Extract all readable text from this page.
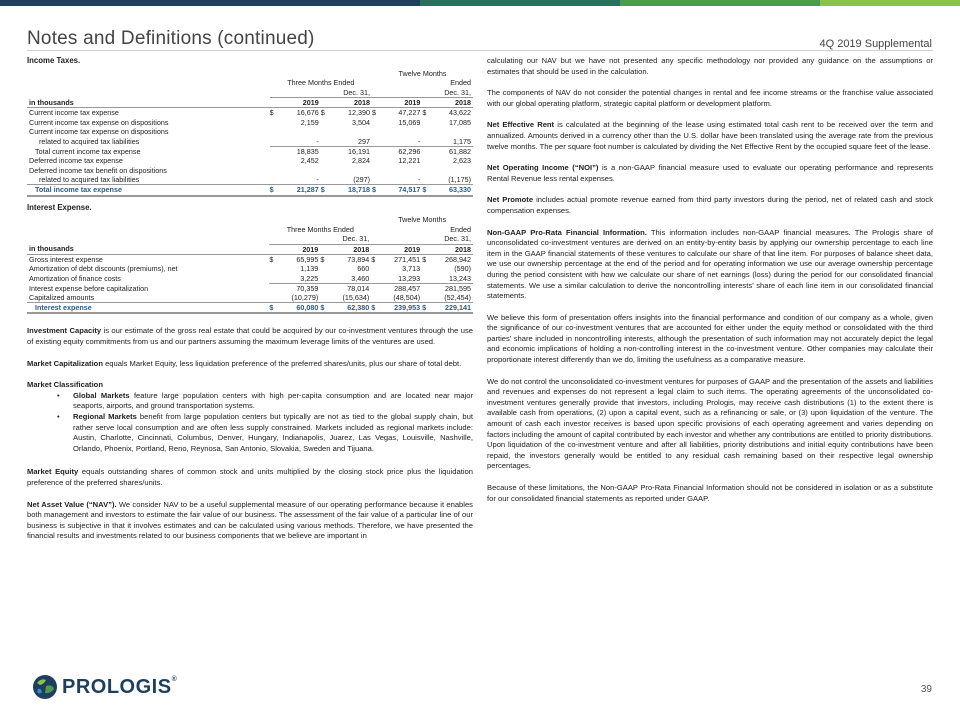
Notes and Definitions (continued)	4Q 2019 Supplemental
Income Taxes.
					Twelve Months			
	Three Months Ended				Ended			
	Dec. 31,				Dec. 31,			
in thousands		2019		2018		2019		2018
Current income tax expense	$	16,676	$	12,390	$	47,227	$	43,622
Current income tax expense on dispositions		2,159		3,504		15,069		17,085
Current income tax expense on dispositions								
related to acquired tax liabilities		-		297		-		1,175
Total current income tax expense		18,835		16,191		62,296		61,882
Deferred income tax expense		2,452		2,824		12,221		2,623
Deferred income tax benefit on dispositions								
related to acquired tax liabilities		-		(297)		-		(1,175)
Total income tax expense	$	21,287	$	18,718	$	74,517	$	63,330
Interest Expense.
					Twelve Months			
	Three Months Ended				Ended			
	Dec. 31,				Dec. 31,			
in thousands		2019		2018		2019		2018
Gross interest expense	$	65,995	$	73,894	$	271,451	$	268,942
Amortization of debt discounts (premiums), net		1,139		660		3,713		(590)
Amortization of finance costs		3,225		3,460		13,293		13,243
Interest expense before capitalization		70,359		78,014		288,457		281,595
Capitalized amounts		(10,279)		(15,634)		(48,504)		(52,454)
Interest expense	$	60,080	$	62,380	$	239,953	$	229,141

Investment Capacity is our estimate of the gross real estate that could be acquired by our co-investment ventures through the use of existing equity commitments from us and our partners assuming the maximum leverage limits of the ventures are used.

Market Capitalization equals Market Equity, less liquidation preference of the preferred shares/units, plus our share of total debt.

Market Classification

• Global Markets feature large population centers with high per-capita consumption and are located near major seaports, airports, and ground transportation systems.
• Regional Markets benefit from large population centers but typically are not as tied to the global supply chain, but rather serve local consumption and are often less supply constrained. Markets included as regional markets include: Austin, Charlotte, Cincinnati, Columbus, Denver, Hungary, Indianapolis, Juarez, Las Vegas, Louisville, Nashville, Orlando, Phoenix, Portland, Reno, Reynosa, San Antonio, Slovakia, Sweden and Tijuana.

Market Equity equals outstanding shares of common stock and units multiplied by the closing stock price plus the liquidation preference of the preferred shares/units.

Net Asset Value (“NAV”). We consider NAV to be a useful supplemental measure of our operating performance because it enables both management and investors to estimate the fair value of our business. The assessment of the fair value of a particular line of our business is subjective in that it involves estimates and can be calculated using various methods. Therefore, we have presented the financial results and investments related to our business components that we believe are important in

calculating our NAV but we have not presented any specific methodology nor provided any guidance on the assumptions or estimates that should be used in the calculation.

The components of NAV do not consider the potential changes in rental and fee income streams or the franchise value associated with our global operating platform, strategic capital platform or development platform.

Net Effective Rent is calculated at the beginning of the lease using estimated total cash rent to be received over the term and annualized. Amounts derived in a currency other than the U.S. dollar have been translated using the average rate from the previous twelve months. The per square foot number is calculated by dividing the Net Effective Rent by the occupied square feet of the lease.

Net Operating Income (“NOI”) is a non-GAAP financial measure used to evaluate our operating performance and represents Rental Revenue less rental expenses.

Net Promote includes actual promote revenue earned from third party investors during the period, net of related cash and stock compensation expenses.

Non-GAAP Pro-Rata Financial Information. This information includes non-GAAP financial measures. The Prologis share of unconsolidated co-investment ventures are derived on an entity-by-entity basis by applying our ownership percentage to each line item in the GAAP financial statements of these ventures to calculate our share of that line item. For purposes of balance sheet data, we use our ownership percentage at the end of the period and for operating information we use our average ownership percentage during the period consistent with how we calculate our share of net earnings (loss) during the period for our consolidated financial statements. We use a similar calculation to derive the noncontrolling interests’ share of each line item in our consolidated financial statements.

We believe this form of presentation offers insights into the financial performance and condition of our company as a whole, given the significance of our co-investment ventures that are accounted for either under the equity method or consolidated with the third parties’ share included in noncontrolling interests, although the presentation of such information may not accurately depict the legal and economic implications of holding a non-controlling interest in the co-investment venture. Other companies may calculate their proportionate interest differently than we do, limiting the usefulness as a comparative measure.

We do not control the unconsolidated co-investment ventures for purposes of GAAP and the presentation of the assets and liabilities and revenues and expenses do not represent a legal claim to such items. The operating agreements of the unconsolidated co-investment ventures generally provide that investors, including Prologis, may receive cash distributions (1) to the extent there is available cash from operations, (2) upon a capital event, such as a refinancing or sale, or (3) upon liquidation of the venture. The amount of cash each investor receives is based upon specific provisions of each operating agreement and varies depending on factors including the amount of capital contributed by each investor and whether any contributions are entitled to priority distributions. Upon liquidation of the co-investment venture and after all liabilities, priority distributions and initial equity contributions have been repaid, the investors generally would be entitled to any residual cash remaining based on their respective legal ownership percentages.

Because of these limitations, the Non-GAAP Pro-Rata Financial Information should not be considered in isolation or as a substitute for our consolidated financial statements as reported under GAAP.

PROLOGIS®
39
